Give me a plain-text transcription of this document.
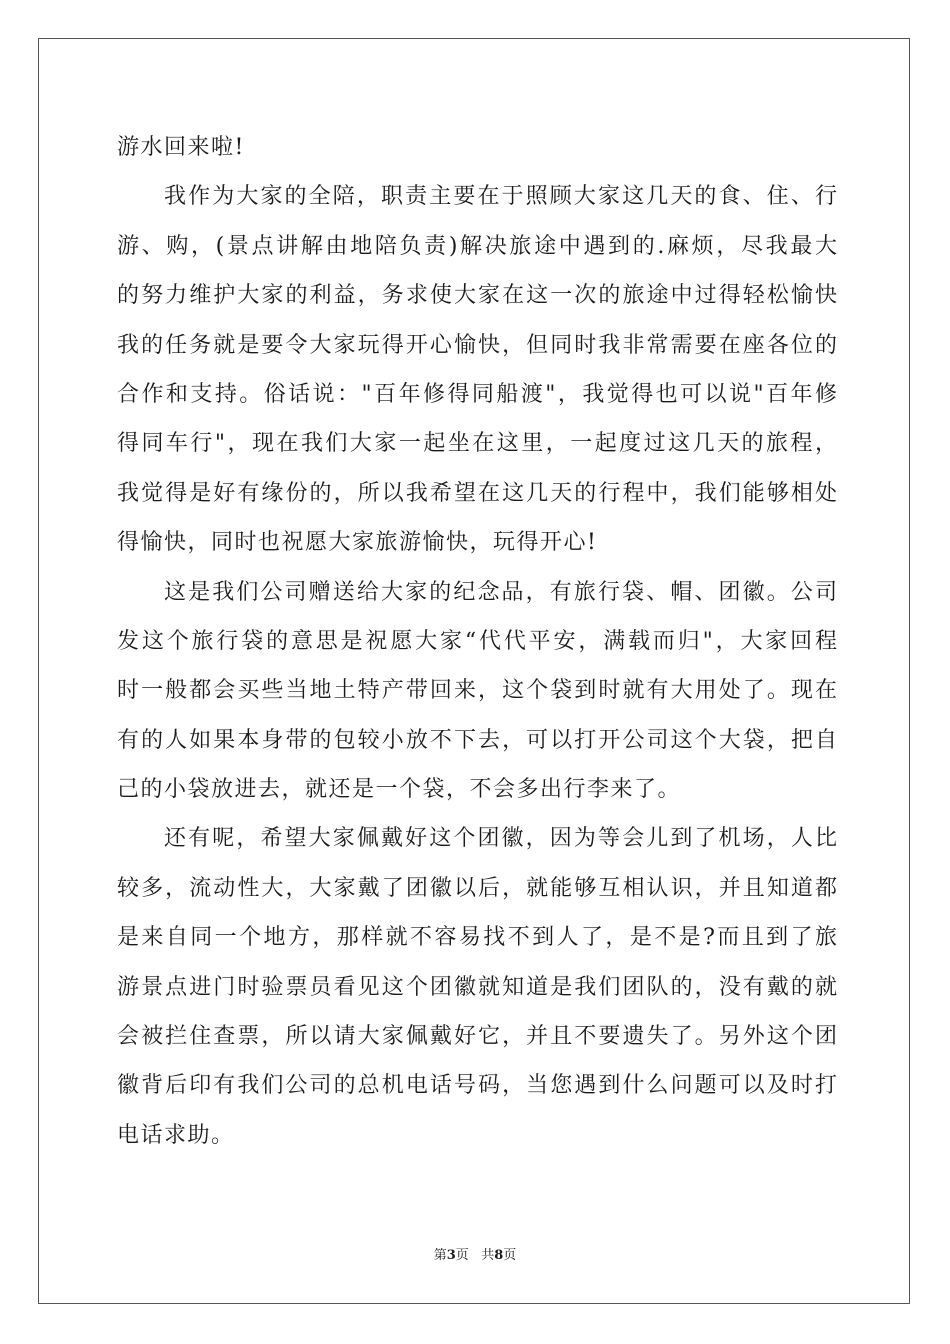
游水回来啦!
我作为大家的全陪，职责主要在于照顾大家这几天的食、住、行
游、购，(景点讲解由地陪负责)解决旅途中遇到的.麻烦，尽我最大
的努力维护大家的利益，务求使大家在这一次的旅途中过得轻松愉快
我的任务就是要令大家玩得开心愉快，但同时我非常需要在座各位的
合作和支持。俗话说："百年修得同船渡"，我觉得也可以说"百年修
得同车行"，现在我们大家一起坐在这里，一起度过这几天的旅程，
我觉得是好有缘份的，所以我希望在这几天的行程中，我们能够相处
得愉快，同时也祝愿大家旅游愉快，玩得开心!
这是我们公司赠送给大家的纪念品，有旅行袋、帽、团徽。公司
发这个旅行袋的意思是祝愿大家“代代平安，满载而归"，大家回程
时一般都会买些当地土特产带回来，这个袋到时就有大用处了。现在
有的人如果本身带的包较小放不下去，可以打开公司这个大袋，把自
己的小袋放进去，就还是一个袋，不会多出行李来了。
还有呢，希望大家佩戴好这个团徽，因为等会儿到了机场，人比
较多，流动性大，大家戴了团徽以后，就能够互相认识，并且知道都
是来自同一个地方，那样就不容易找不到人了，是不是?而且到了旅
游景点进门时验票员看见这个团徽就知道是我们团队的，没有戴的就
会被拦住查票，所以请大家佩戴好它，并且不要遗失了。另外这个团
徽背后印有我们公司的总机电话号码，当您遇到什么问题可以及时打
电话求助。
第3页 共8页
